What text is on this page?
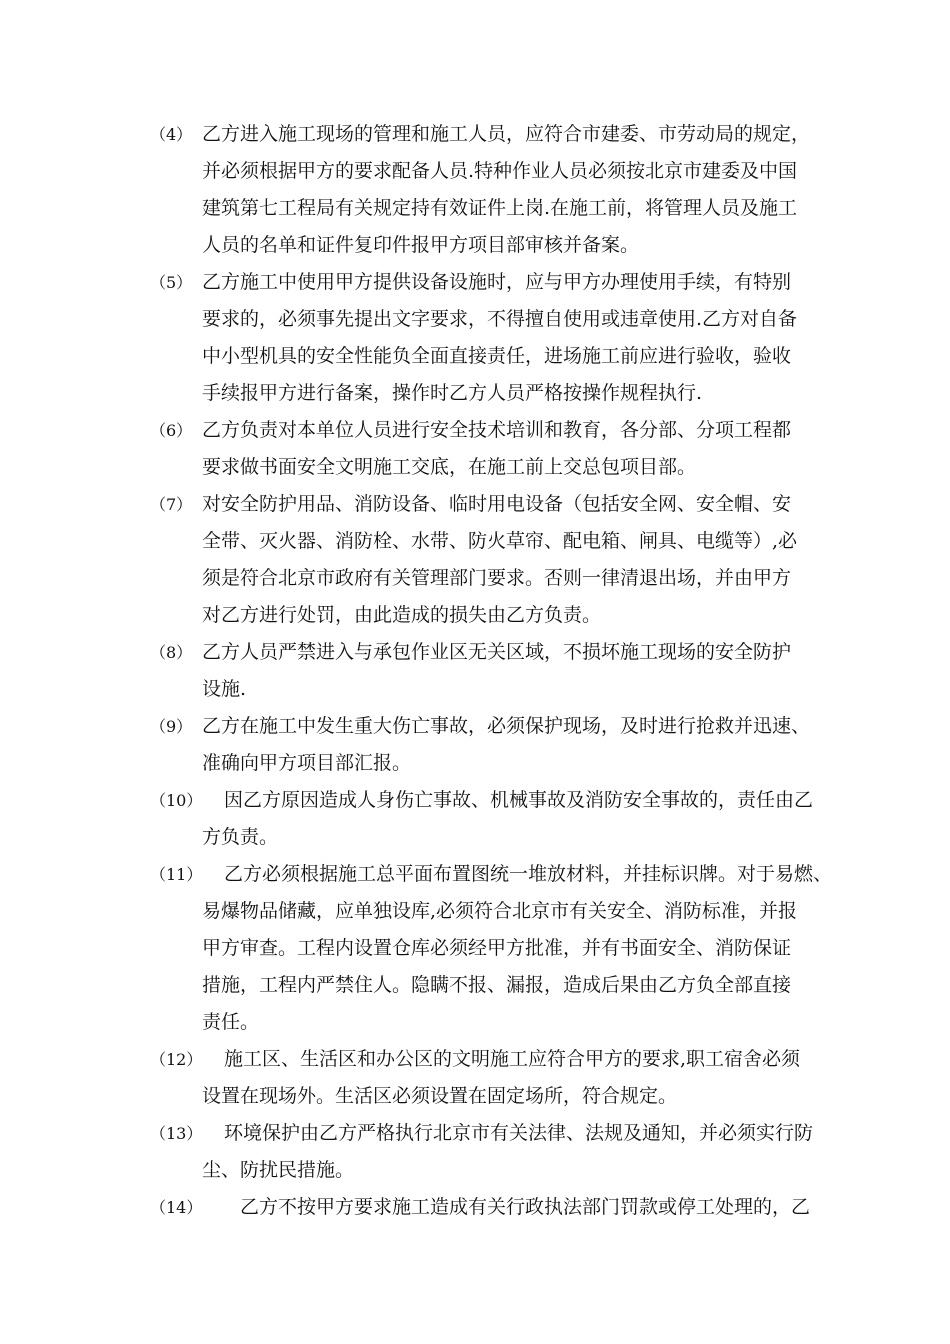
（4） 乙方进入施工现场的管理和施工人员，应符合市建委、市劳动局的规定，
并必须根据甲方的要求配备人员.特种作业人员必须按北京市建委及中国
建筑第七工程局有关规定持有效证件上岗.在施工前，将管理人员及施工
人员的名单和证件复印件报甲方项目部审核并备案。
（5） 乙方施工中使用甲方提供设备设施时，应与甲方办理使用手续，有特别
要求的，必须事先提出文字要求，不得擅自使用或违章使用.乙方对自备
中小型机具的安全性能负全面直接责任，进场施工前应进行验收，验收
手续报甲方进行备案，操作时乙方人员严格按操作规程执行.
（6） 乙方负责对本单位人员进行安全技术培训和教育，各分部、分项工程都
要求做书面安全文明施工交底，在施工前上交总包项目部。
（7） 对安全防护用品、消防设备、临时用电设备（包括安全网、安全帽、安
全带、灭火器、消防栓、水带、防火草帘、配电箱、闸具、电缆等）,必
须是符合北京市政府有关管理部门要求。否则一律清退出场，并由甲方
对乙方进行处罚，由此造成的损失由乙方负责。
（8） 乙方人员严禁进入与承包作业区无关区域，不损坏施工现场的安全防护
设施.
（9） 乙方在施工中发生重大伤亡事故，必须保护现场，及时进行抢救并迅速、
准确向甲方项目部汇报。
（10）	因乙方原因造成人身伤亡事故、机械事故及消防安全事故的，责任由乙
方负责。
（11）	乙方必须根据施工总平面布置图统一堆放材料，并挂标识牌。对于易燃、
易爆物品储藏，应单独设库,必须符合北京市有关安全、消防标准，并报
甲方审查。工程内设置仓库必须经甲方批准，并有书面安全、消防保证
措施，工程内严禁住人。隐瞒不报、漏报，造成后果由乙方负全部直接
责任。
（12）	施工区、生活区和办公区的文明施工应符合甲方的要求,职工宿舍必须
设置在现场外。生活区必须设置在固定场所，符合规定。
（13）	环境保护由乙方严格执行北京市有关法律、法规及通知，并必须实行防
尘、防扰民措施。
（14）	乙方不按甲方要求施工造成有关行政执法部门罚款或停工处理的，乙
